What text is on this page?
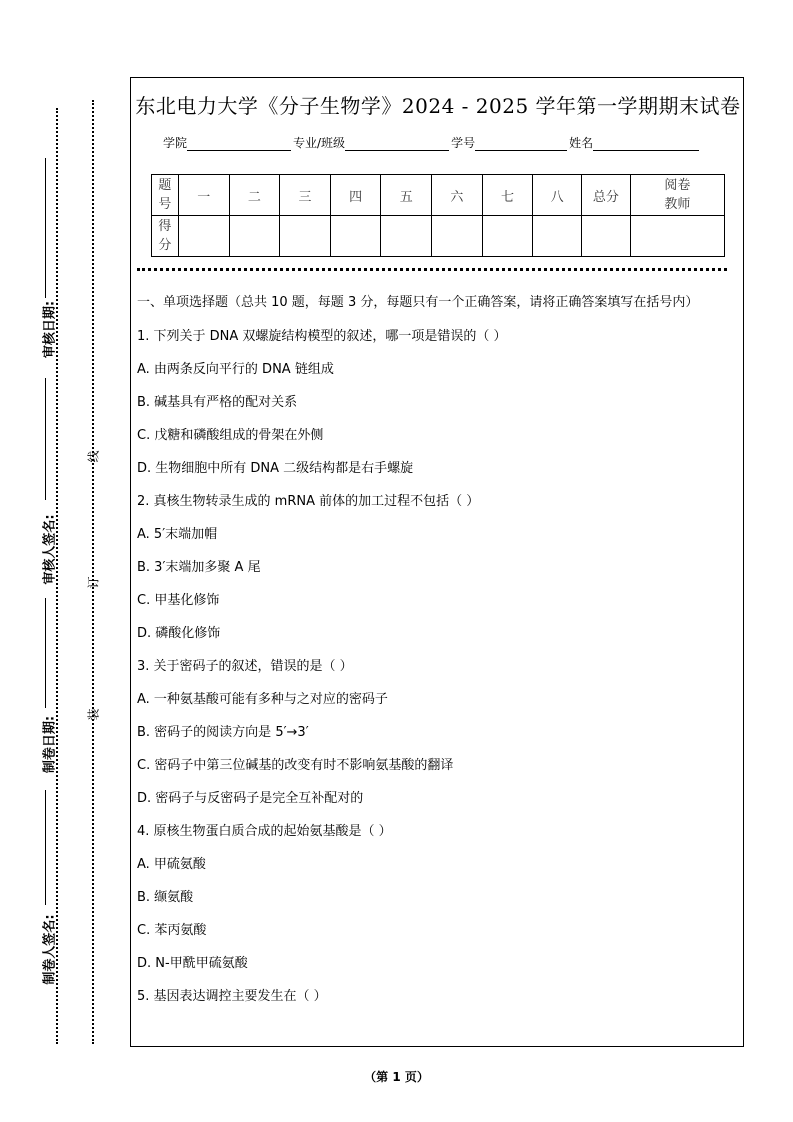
审核日期:
审核人签名:
制卷日期:
制卷人签名:
线
订
装
东北电力大学《分子生物学》2024 - 2025 学年第一学期期末试卷
学院	专业/班级	学号	姓名
题
号	一	二	三	四	五	六	七	八	总分	阅卷
教师
得
分										
一、单项选择题（总共 10 题，每题 3 分，每题只有一个正确答案，请将正确答案填写在括号内）
1. 下列关于 DNA 双螺旋结构模型的叙述，哪一项是错误的（ ）
A. 由两条反向平行的 DNA 链组成
B. 碱基具有严格的配对关系
C. 戊糖和磷酸组成的骨架在外侧
D. 生物细胞中所有 DNA 二级结构都是右手螺旋
2. 真核生物转录生成的 mRNA 前体的加工过程不包括（ ）
A. 5′末端加帽
B. 3′末端加多聚 A 尾
C. 甲基化修饰
D. 磷酸化修饰
3. 关于密码子的叙述，错误的是（ ）
A. 一种氨基酸可能有多种与之对应的密码子
B. 密码子的阅读方向是 5′→3′
C. 密码子中第三位碱基的改变有时不影响氨基酸的翻译
D. 密码子与反密码子是完全互补配对的
4. 原核生物蛋白质合成的起始氨基酸是（ ）
A. 甲硫氨酸
B. 缬氨酸
C. 苯丙氨酸
D. N-甲酰甲硫氨酸
5. 基因表达调控主要发生在（ ）
（第 1 页）
